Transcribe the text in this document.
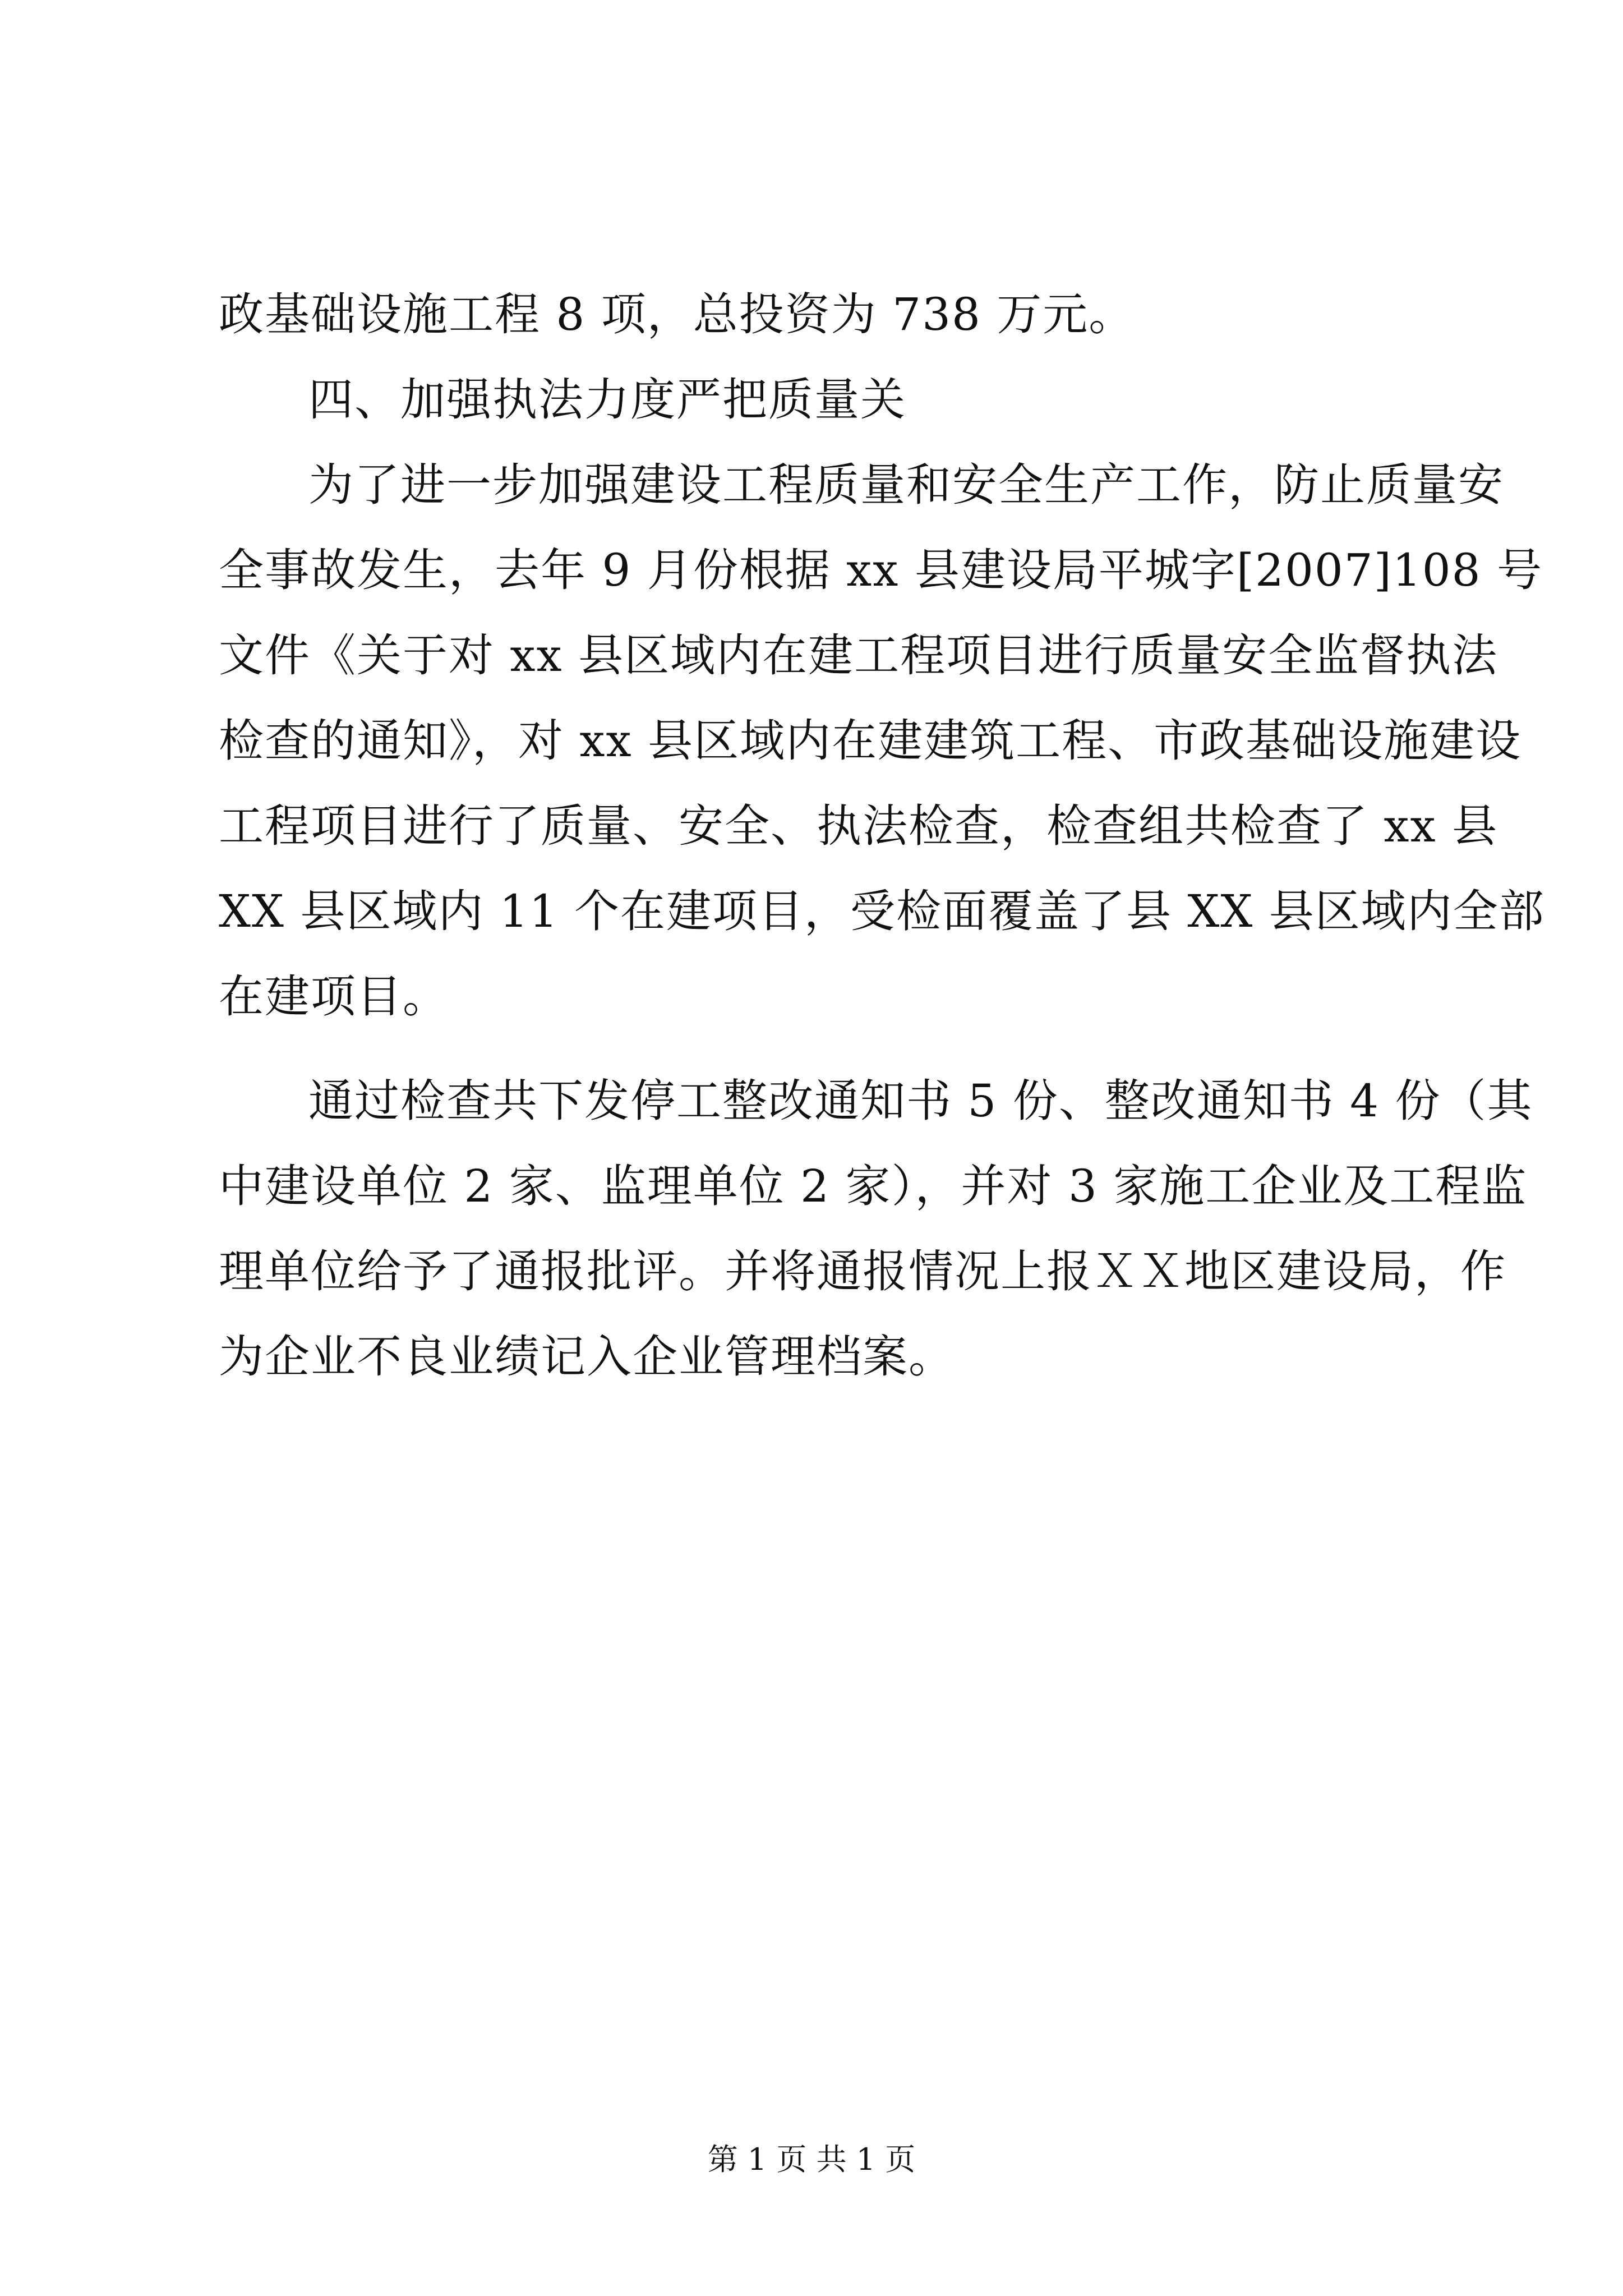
政基础设施工程 8 项，总投资为 738 万元。
四、加强执法力度严把质量关
为了进一步加强建设工程质量和安全生产工作，防止质量安
全事故发生，去年 9 月份根据 xx 县建设局平城字[2007]108 号
文件《关于对 xx 县区域内在建工程项目进行质量安全监督执法
检查的通知》，对 xx 县区域内在建建筑工程、市政基础设施建设
工程项目进行了质量、安全、执法检查，检查组共检查了 xx 县
XX 县区域内 11 个在建项目，受检面覆盖了县 XX 县区域内全部
在建项目。
通过检查共下发停工整改通知书 5 份、整改通知书 4 份（其
中建设单位 2 家、监理单位 2 家），并对 3 家施工企业及工程监
理单位给予了通报批评。并将通报情况上报ＸＸ地区建设局，作
为企业不良业绩记入企业管理档案。
第 1 页 共 1 页
